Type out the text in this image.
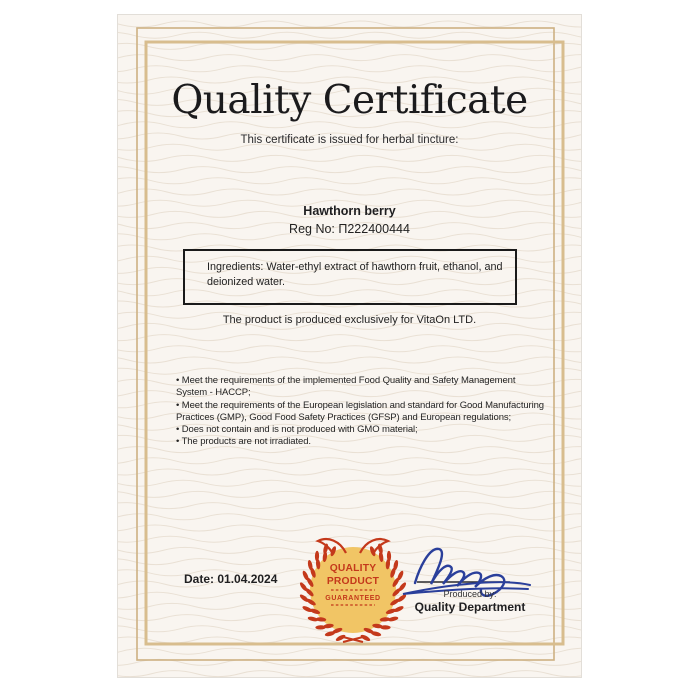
Quality Certificate
This certificate is issued for herbal tincture:
Hawthorn berry
Reg No: П222400444
Ingredients: Water-ethyl extract of hawthorn fruit, ethanol, and deionized water.
The product is produced exclusively for VitaOn LTD.
• Meet the requirements of the implemented Food Quality and Safety Management System - HACCP;
• Meet the requirements of the European legislation and standard for Good Manufacturing Practices (GMP), Good Food Safety Practices (GFSP) and European regulations;
• Does not contain and is not produced with GMO material;
• The products are not irradiated.
Date: 01.04.2024
QUALITY
PRODUCT
GUARANTEED	Produced by:
Quality Department
